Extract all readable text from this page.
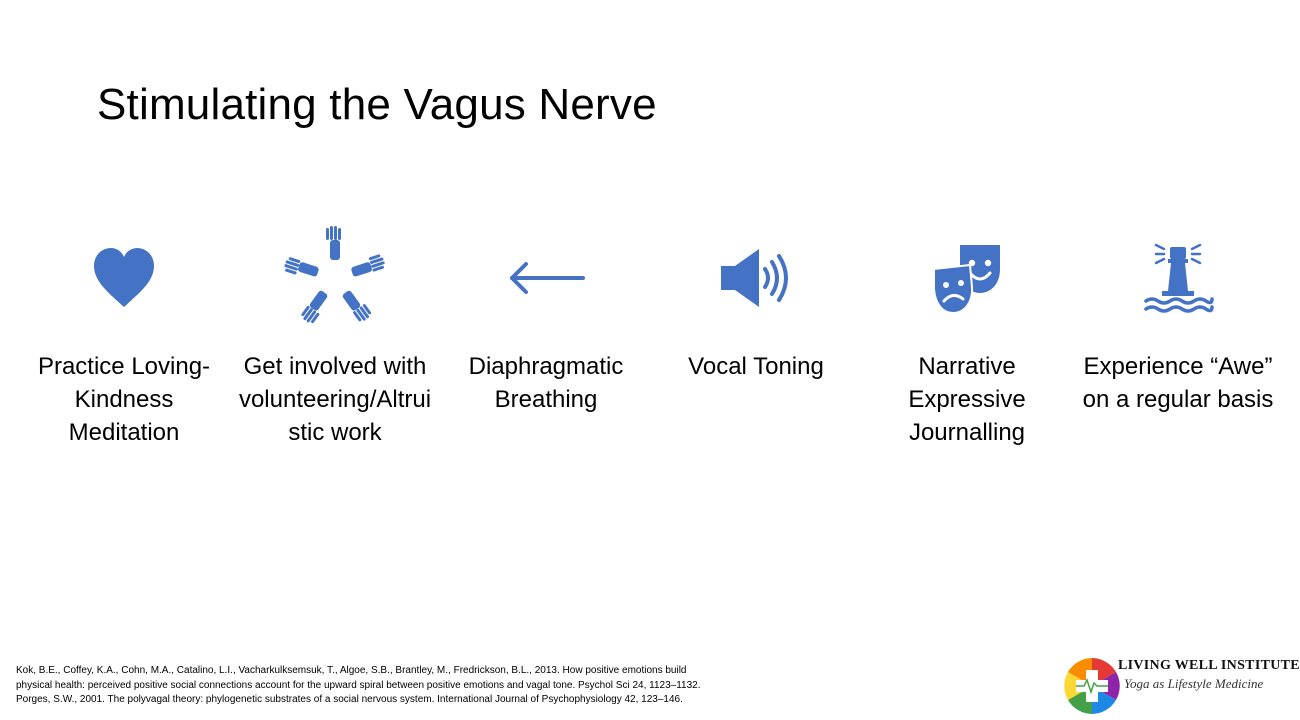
Stimulating the Vagus Nerve
Practice Loving-Kindness Meditation
Get involved with volunteering/Altruistic work
Diaphragmatic Breathing
Vocal Toning	Narrative Expressive Journalling
Experience “Awe” on a regular basis
Kok, B.E., Coffey, K.A., Cohn, M.A., Catalino, L.I., Vacharkulksemsuk, T., Algoe, S.B., Brantley, M., Fredrickson, B.L., 2013. How positive emotions build
physical health: perceived positive social connections account for the upward spiral between positive emotions and vagal tone. Psychol Sci 24, 1123–1132.
Porges, S.W., 2001. The polyvagal theory: phylogenetic substrates of a social nervous system. International Journal of Psychophysiology 42, 123–146.
LIVING WELL INSTITUTE
Yoga as Lifestyle Medicine
